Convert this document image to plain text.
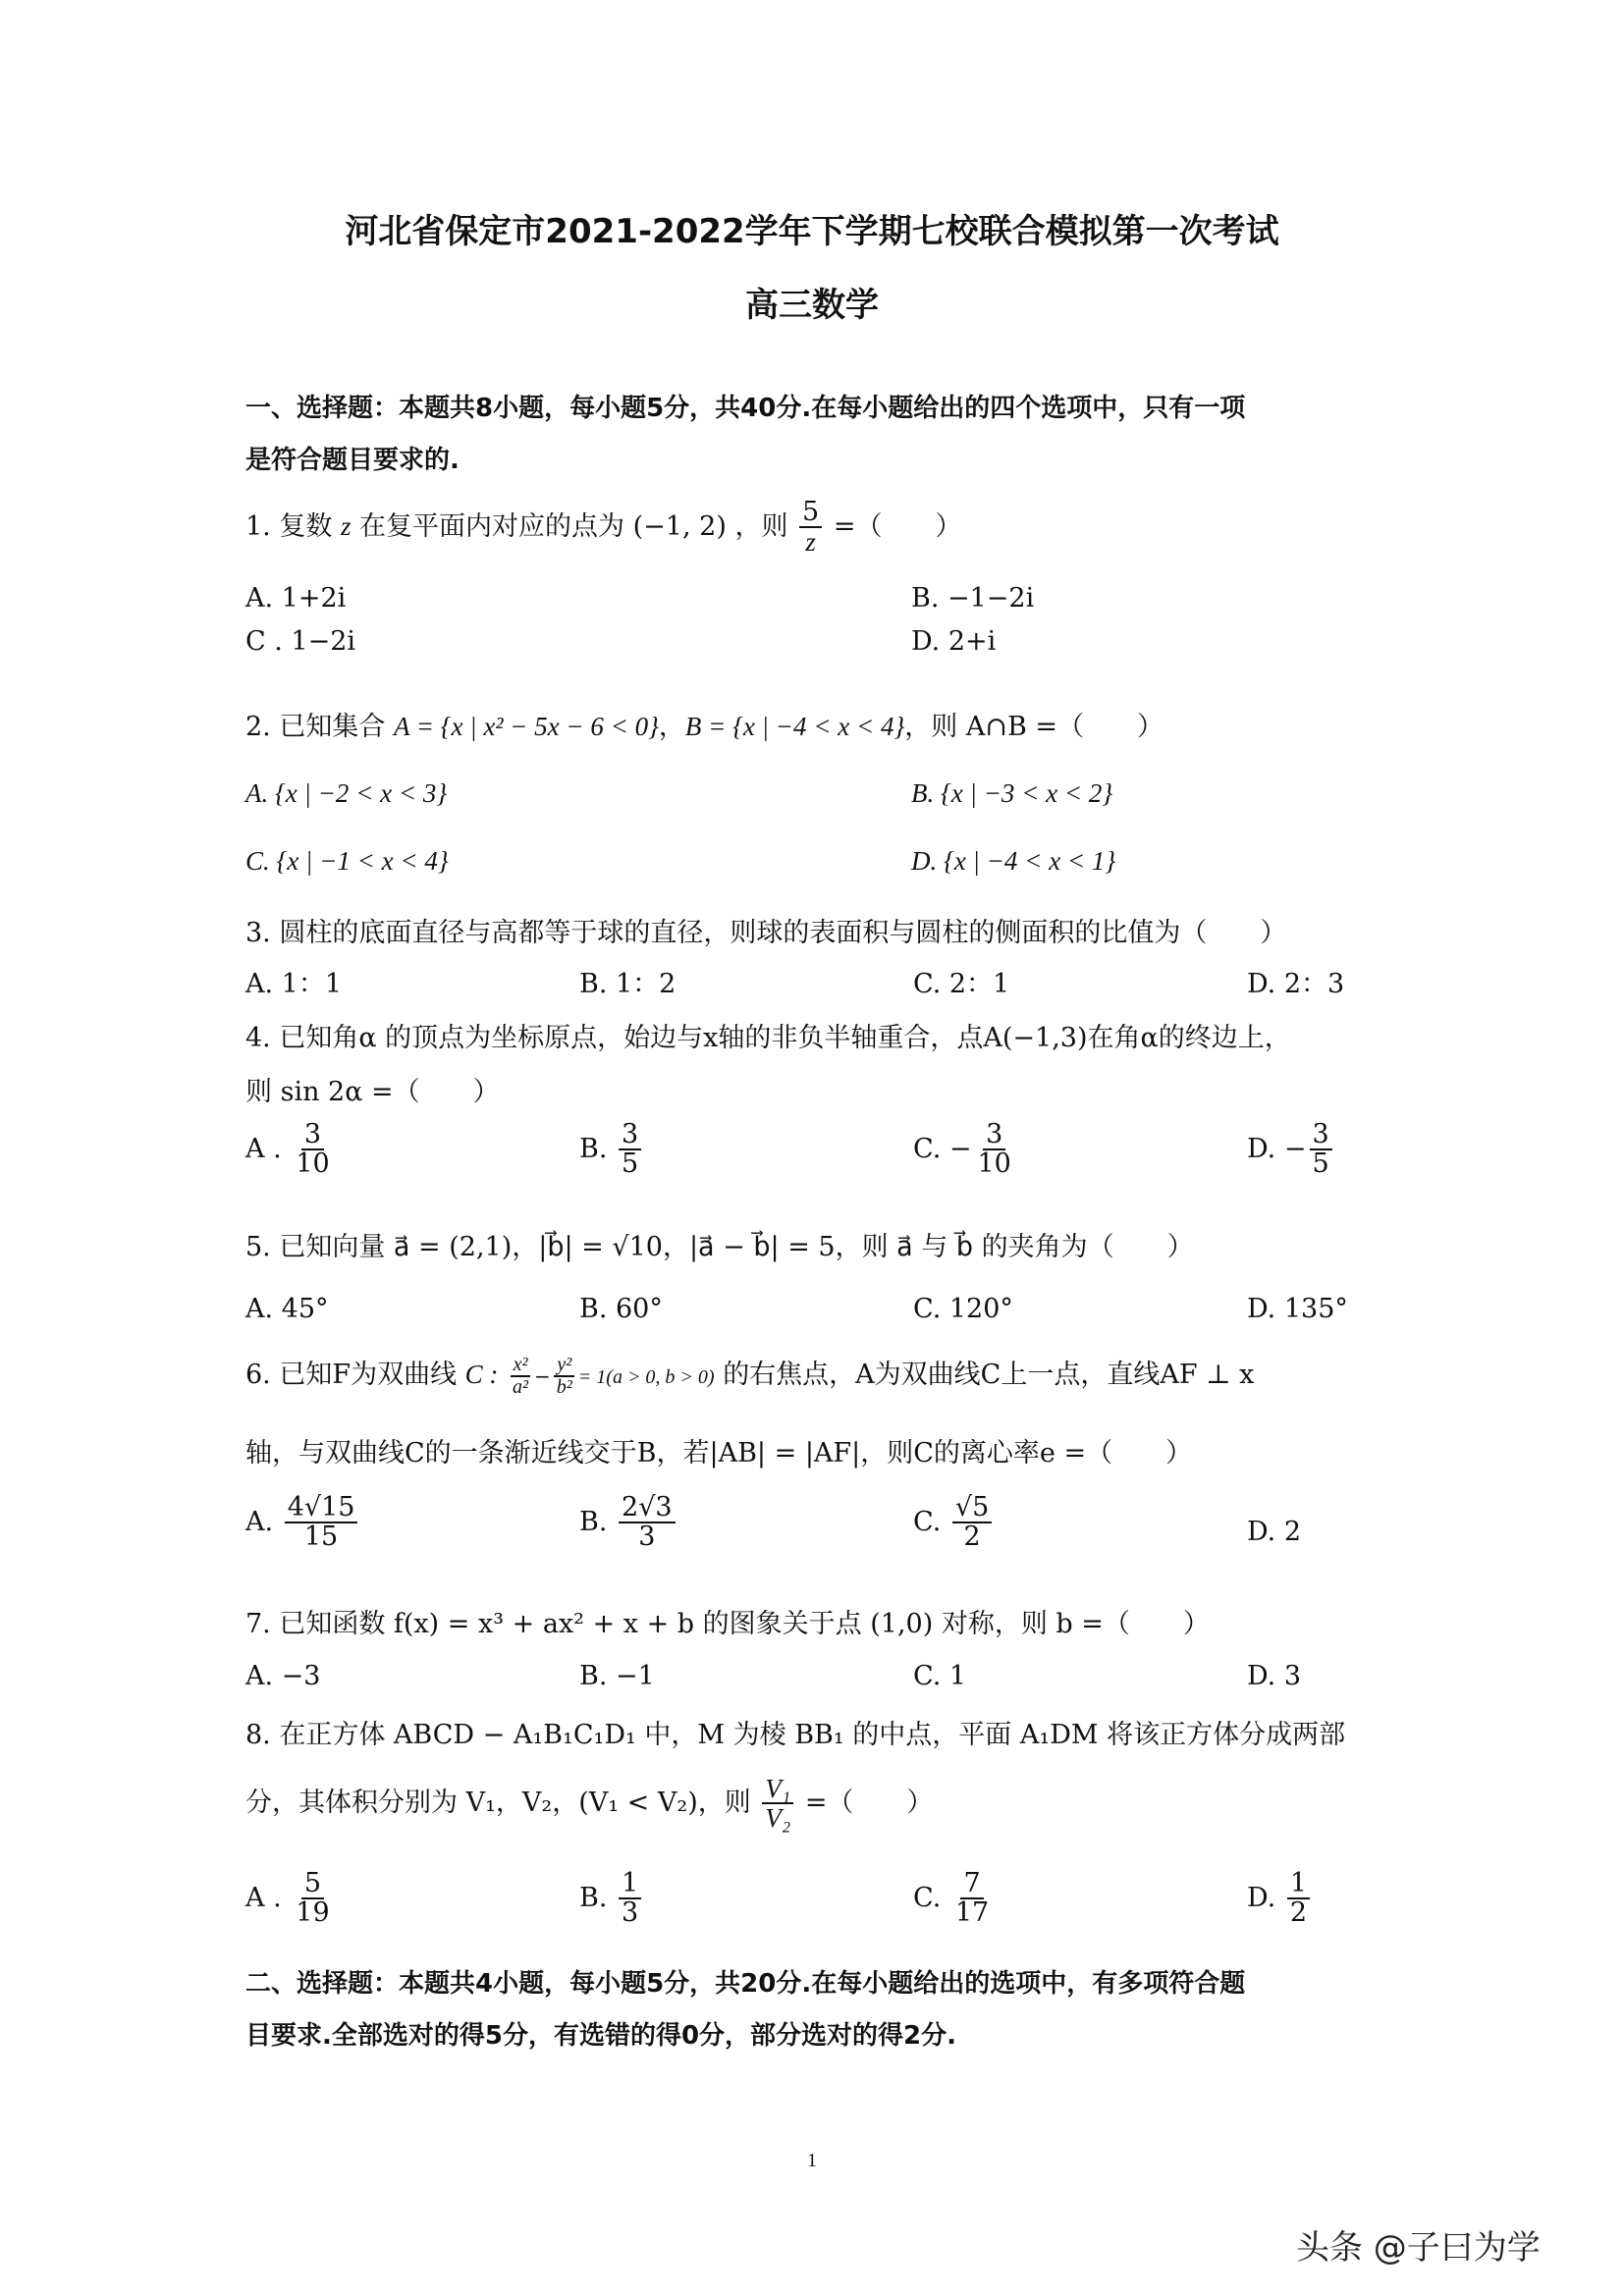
河北省保定市2021-2022学年下学期七校联合模拟第一次考试
高三数学
一、选择题：本题共8小题，每小题5分，共40分.在每小题给出的四个选项中，只有一项
是符合题目要求的.
1. 复数 z 在复平面内对应的点为 (−1, 2) ，则 $\frac{5}{z}$ =（　　）
A. 1+2i	B. −1−2i
C . 1−2i	D. 2+i
2. 已知集合 A = {x | x² − 5x − 6 < 0}，B = {x | −4 < x < 4}，则 A∩B =（　　）
A. {x | −2 < x < 3}	B. {x | −3 < x < 2}
C. {x | −1 < x < 4}	D. {x | −4 < x < 1}
3. 圆柱的底面直径与高都等于球的直径，则球的表面积与圆柱的侧面积的比值为（　　）
A. 1：1	B. 1：2	C. 2：1	D. 2：3
4. 已知角α 的顶点为坐标原点，始边与x轴的非负半轴重合，点A(−1,3)在角α的终边上，
则 sin 2α =（　　）
A . $\frac{3}{10}$	B. $\frac{3}{5}$	C. − $\frac{3}{10}$	D. − $\frac{3}{5}$
5. 已知向量 a⃗ = (2,1)，|b⃗| = √10，|a⃗ − b⃗| = 5，则 a⃗ 与 b⃗ 的夹角为（　　）
A. 45°	B. 60°	C. 120°	D. 135°
6. 已知F为双曲线 C : $\frac{\text{x²}}{\text{a²}} - \frac{\text{y²}}{\text{b²}} = 1(a > 0$, b > 0) 的右焦点，A为双曲线C上一点，直线AF ⊥ x
轴，与双曲线C的一条渐近线交于B，若|AB| = |AF|，则C的离心率e =（　　）
A. $\frac{4√15}{15}$	B. $\frac{2√3}{3}$	C. $\frac{√5}{2}$	D. 2
7. 已知函数 f(x) = x³ + ax² + x + b 的图象关于点 (1,0) 对称，则 b =（　　）
A. −3	B. −1	C. 1	D. 3
8. 在正方体 ABCD − A₁B₁C₁D₁ 中，M 为棱 BB₁ 的中点，平面 A₁DM 将该正方体分成两部
分，其体积分别为 V₁，V₂，(V₁ < V₂)，则 $\frac{\text{V₁}}{\text{V₂}}$ =（　　）
A . $\frac{5}{19}$	B. $\frac{1}{3}$	C. $\frac{7}{17}$	D. $\frac{1}{2}$
二、选择题：本题共4小题，每小题5分，共20分.在每小题给出的选项中，有多项符合题
目要求.全部选对的得5分，有选错的得0分，部分选对的得2分.
1
头条 @子曰为学
